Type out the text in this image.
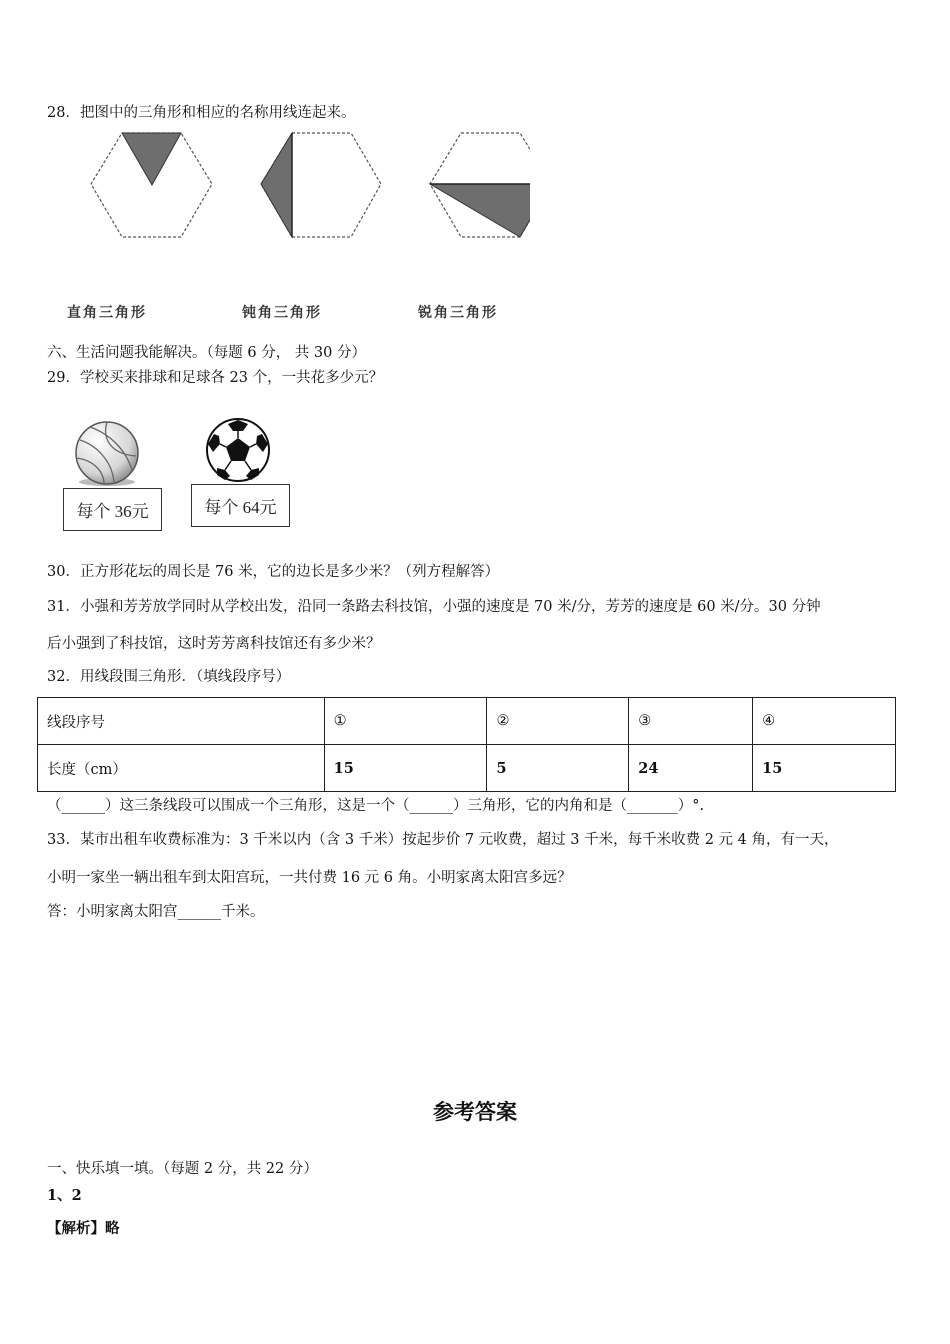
28．把图中的三角形和相应的名称用线连起来。
直角三角形	钝角三角形	锐角三角形
六、生活问题我能解决。（每题 6 分， 共 30 分）
29．学校买来排球和足球各 23 个，一共花多少元？
每个 36元	每个 64元
30．正方形花坛的周长是 76 米，它的边长是多少米？（列方程解答）
31．小强和芳芳放学同时从学校出发，沿同一条路去科技馆，小强的速度是 70 米/分，芳芳的速度是 60 米/分。30 分钟
后小强到了科技馆，这时芳芳离科技馆还有多少米？
32．用线段围三角形．（填线段序号）
线段序号	①	②	③	④
长度（cm）	15	5	24	15
（______）这三条线段可以围成一个三角形，这是一个（______）三角形，它的内角和是（_______）°.
33．某市出租车收费标准为：3 千米以内（含 3 千米）按起步价 7 元收费，超过 3 千米，每千米收费 2 元 4 角，有一天，
小明一家坐一辆出租车到太阳宫玩，一共付费 16 元 6 角。小明家离太阳宫多远？
答：小明家离太阳宫______千米。
参考答案
一、快乐填一填。（每题 2 分，共 22 分）
1、2
【解析】略
